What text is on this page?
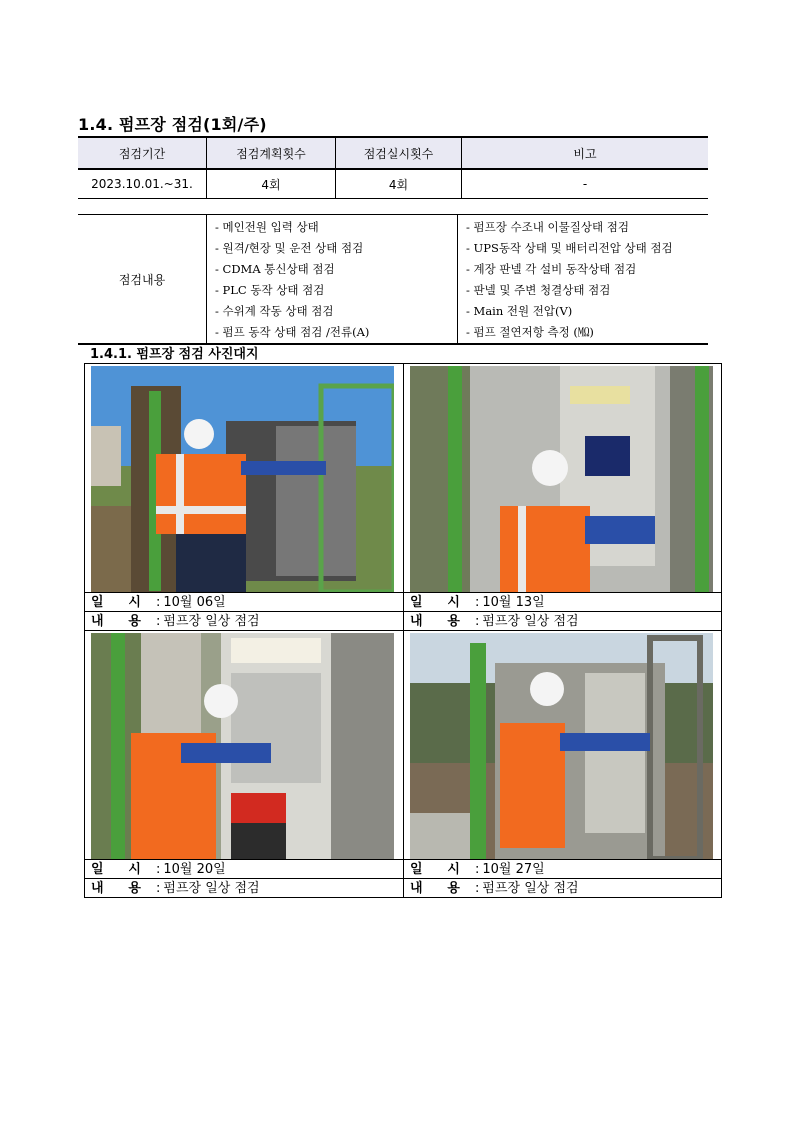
1.4. 펌프장 점검(1회/주)
점검기간	점검계획횟수	점검실시횟수	비고
2023.10.01.~31.	4회	4회	-
점검내용	
- 메인전원 입력 상태
- 원격/현장 및 운전 상태 점검
- CDMA 통신상태 점검
- PLC 동작 상태 점검
- 수위계 작동 상태 점검
- 펌프 동작 상태 점검 /전류(A)

- 펌프장 수조내 이물질상태 점검
- UPS동작 상태 및 배터리전압 상태 점검
- 계장 판넬 각 설비 동작상태 점검
- 판넬 및 주변 청결상태 점검
- Main 전원 전압(V)
- 펌프 절연저항 측정 (㏁)
1.4.1. 펌프장 점검 사진대지
일 시 : 10월 06일
내 용 : 펌프장 일상 점검
일 시 : 10월 13일
내 용 : 펌프장 일상 점검
일 시 : 10월 20일
내 용 : 펌프장 일상 점검
일 시 : 10월 27일
내 용 : 펌프장 일상 점검
